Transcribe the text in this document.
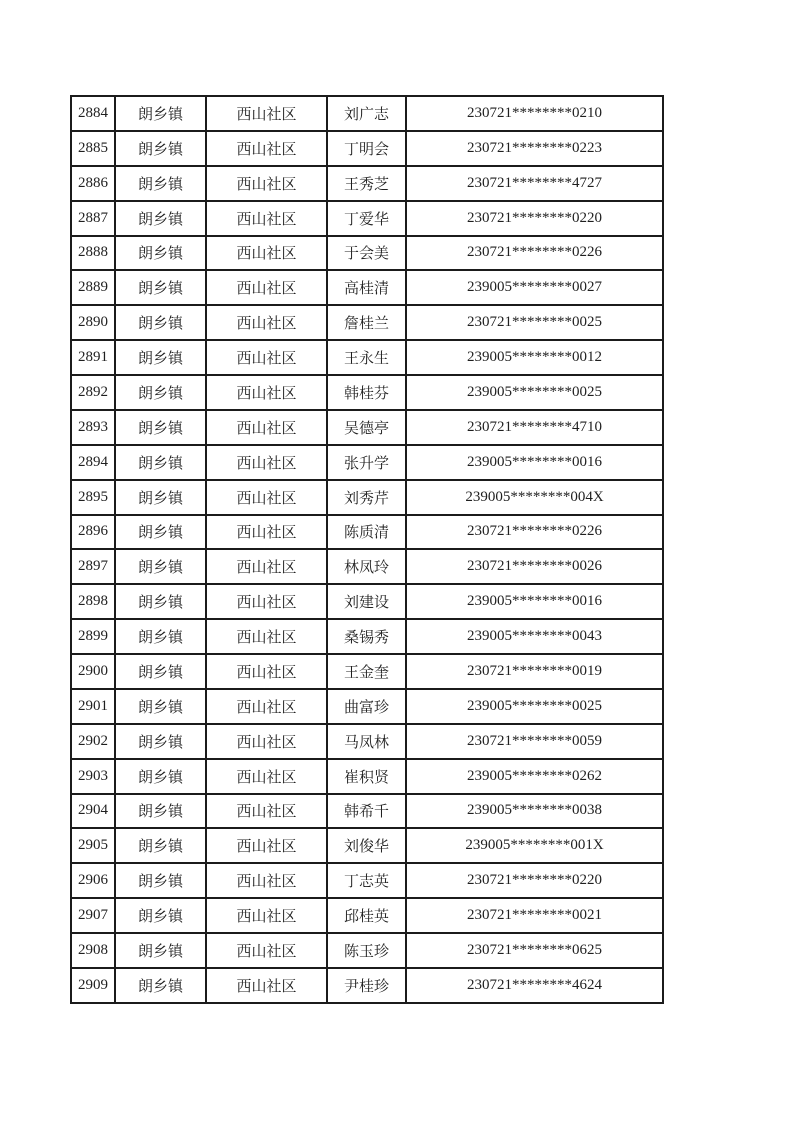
2884	朗乡镇	西山社区	刘广志	230721********0210
2885	朗乡镇	西山社区	丁明会	230721********0223
2886	朗乡镇	西山社区	王秀芝	230721********4727
2887	朗乡镇	西山社区	丁爱华	230721********0220
2888	朗乡镇	西山社区	于会美	230721********0226
2889	朗乡镇	西山社区	高桂清	239005********0027
2890	朗乡镇	西山社区	詹桂兰	230721********0025
2891	朗乡镇	西山社区	王永生	239005********0012
2892	朗乡镇	西山社区	韩桂芬	239005********0025
2893	朗乡镇	西山社区	吴德亭	230721********4710
2894	朗乡镇	西山社区	张升学	239005********0016
2895	朗乡镇	西山社区	刘秀芹	239005********004X
2896	朗乡镇	西山社区	陈质清	230721********0226
2897	朗乡镇	西山社区	林凤玲	230721********0026
2898	朗乡镇	西山社区	刘建设	239005********0016
2899	朗乡镇	西山社区	桑锡秀	239005********0043
2900	朗乡镇	西山社区	王金奎	230721********0019
2901	朗乡镇	西山社区	曲富珍	239005********0025
2902	朗乡镇	西山社区	马凤林	230721********0059
2903	朗乡镇	西山社区	崔积贤	239005********0262
2904	朗乡镇	西山社区	韩希千	239005********0038
2905	朗乡镇	西山社区	刘俊华	239005********001X
2906	朗乡镇	西山社区	丁志英	230721********0220
2907	朗乡镇	西山社区	邱桂英	230721********0021
2908	朗乡镇	西山社区	陈玉珍	230721********0625
2909	朗乡镇	西山社区	尹桂珍	230721********4624
